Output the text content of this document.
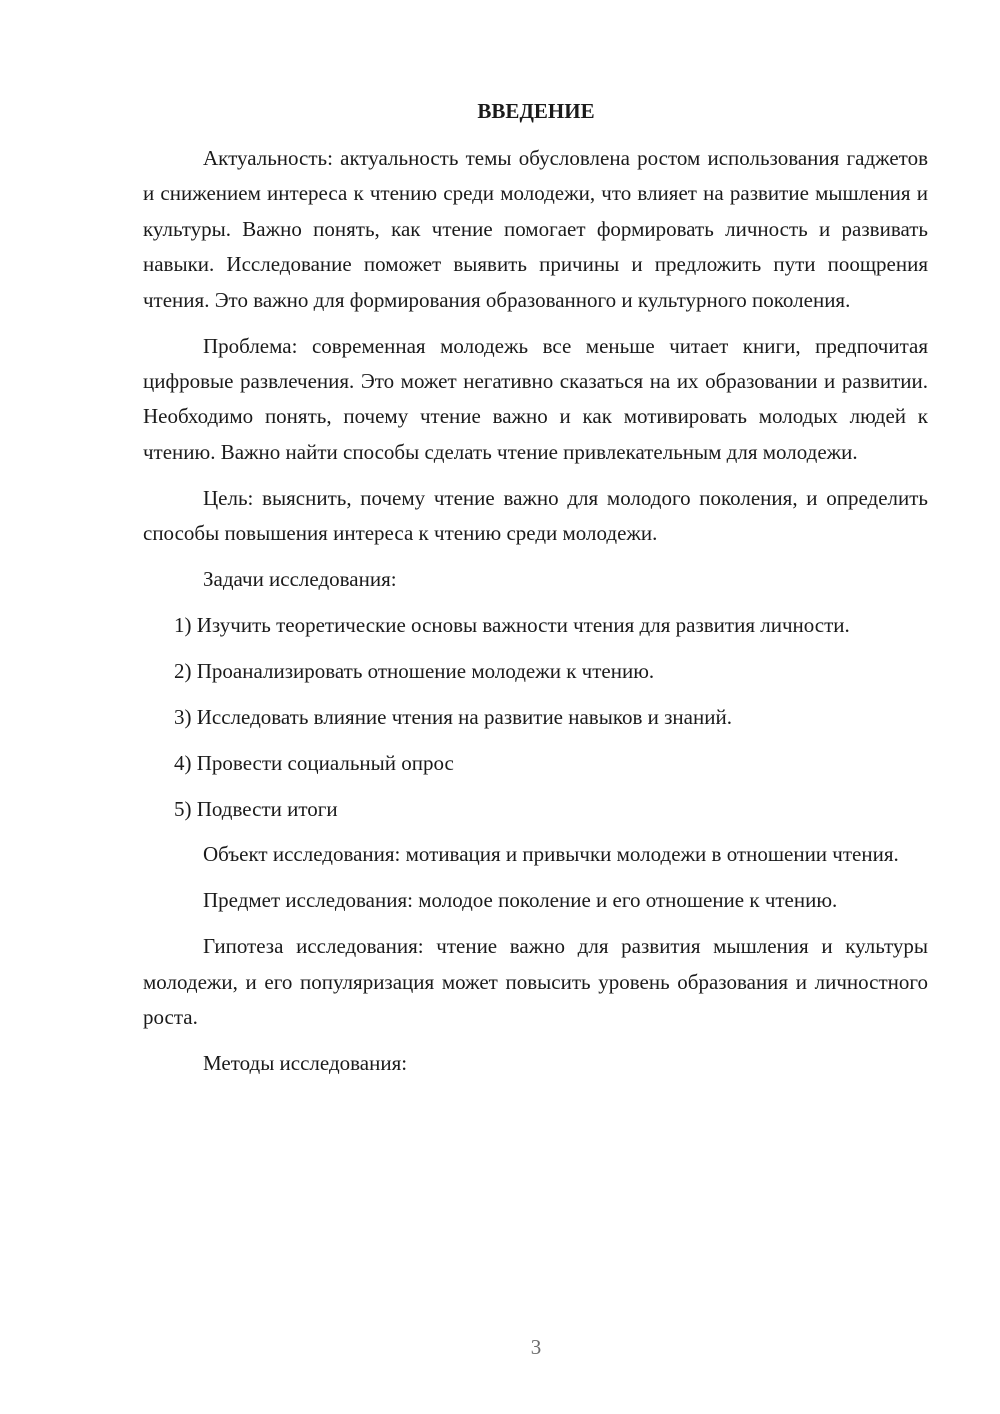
ВВЕДЕНИЕ

Актуальность: актуальность темы обусловлена ростом использования гаджетов и снижением интереса к чтению среди молодежи, что влияет на развитие мышления и культуры. Важно понять, как чтение помогает формировать личность и развивать навыки. Исследование поможет выявить причины и предложить пути поощрения чтения. Это важно для формирования образованного и культурного поколения.

Проблема: современная молодежь все меньше читает книги, предпочитая цифровые развлечения. Это может негативно сказаться на их образовании и развитии. Необходимо понять, почему чтение важно и как мотивировать молодых людей к чтению. Важно найти способы сделать чтение привлекательным для молодежи.

Цель: выяснить, почему чтение важно для молодого поколения, и определить способы повышения интереса к чтению среди молодежи.

Задачи исследования:

1) Изучить теоретические основы важности чтения для развития личности.

2) Проанализировать отношение молодежи к чтению.

3) Исследовать влияние чтения на развитие навыков и знаний.

4) Провести социальный опрос

5) Подвести итоги

Объект исследования: мотивация и привычки молодежи в отношении чтения.

Предмет исследования: молодое поколение и его отношение к чтению.

Гипотеза исследования: чтение важно для развития мышления и культуры молодежи, и его популяризация может повысить уровень образования и личностного роста.

Методы исследования:

3
